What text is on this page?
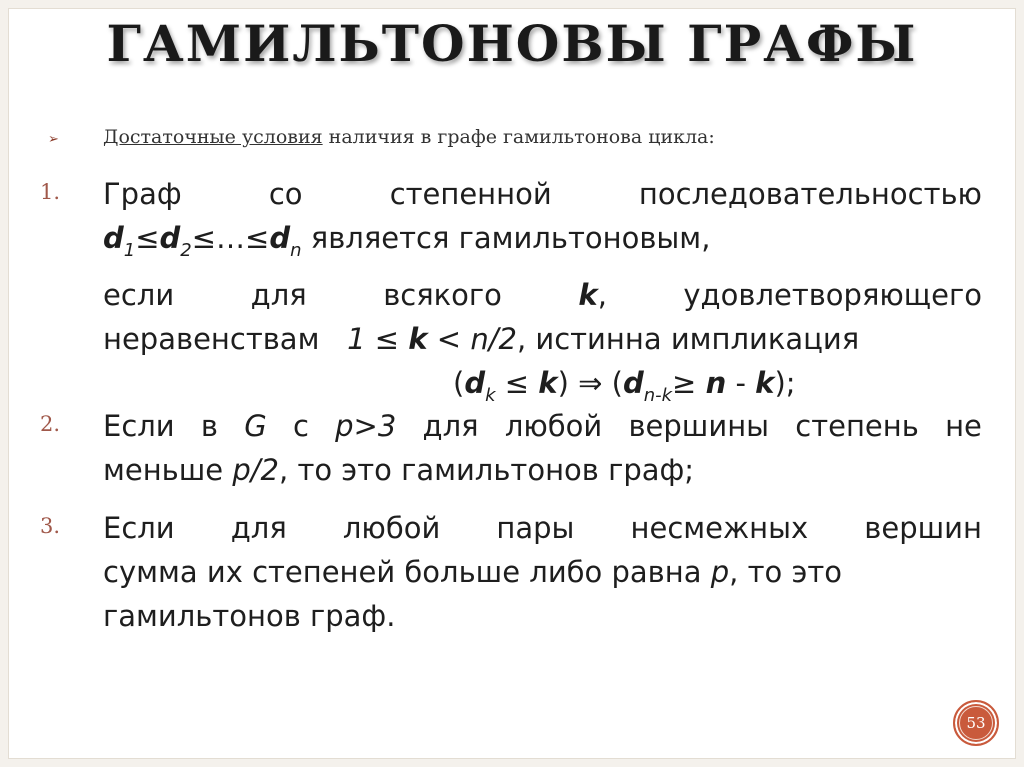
ГАМИЛЬТОНОВЫ ГРАФЫ
➢	Достаточные условия наличия в графе гамильтонова цикла:
1.	Граф	со	степенной	последовательностью
$d_1\le d_2\le\dots\le d_n$ является гамильтоновым,
если	для	всякого	k,	удовлетворяющего
неравенствам 1 ≤ k < n/2, истинна импликация
$(d_k \le k)$ ⇒ $(d_{n-k}\ge n - k)$;
2.	Если в G с p>3 для любой вершины степень не
меньше p/2, то это гамильтонов граф;
3.	Если для любой пары несмежных вершин
сумма их степеней больше либо равна p, то это
гамильтонов граф.
53
